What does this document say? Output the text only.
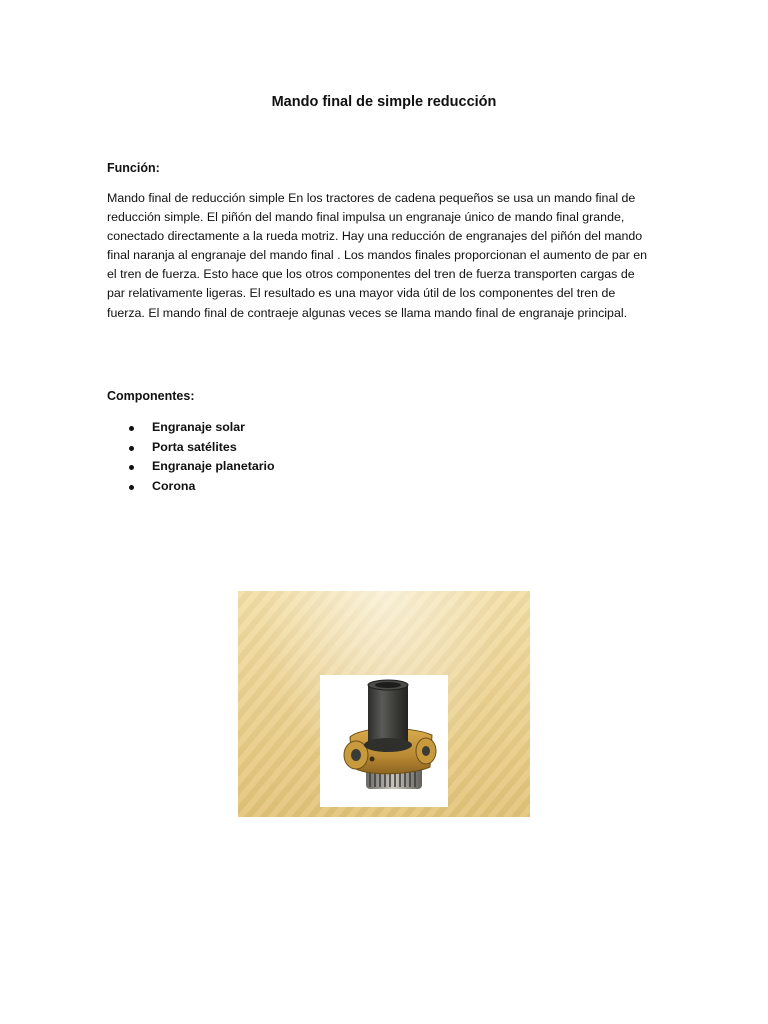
Mando final de simple reducción
Función:

Mando final de reducción simple En los tractores de cadena pequeños se usa un mando final de
reducción simple. El piñón del mando final impulsa un engranaje único de mando final grande,
conectado directamente a la rueda motriz. Hay una reducción de engranajes del piñón del mando
final naranja al engranaje del mando final . Los mandos finales proporcionan el aumento de par en
el tren de fuerza. Esto hace que los otros componentes del tren de fuerza transporten cargas de
par relativamente ligeras. El resultado es una mayor vida útil de los componentes del tren de
fuerza. El mando final de contraeje algunas veces se llama mando final de engranaje principal.

Componentes:
Engranaje solar
Porta satélites
Engranaje planetario
Corona
